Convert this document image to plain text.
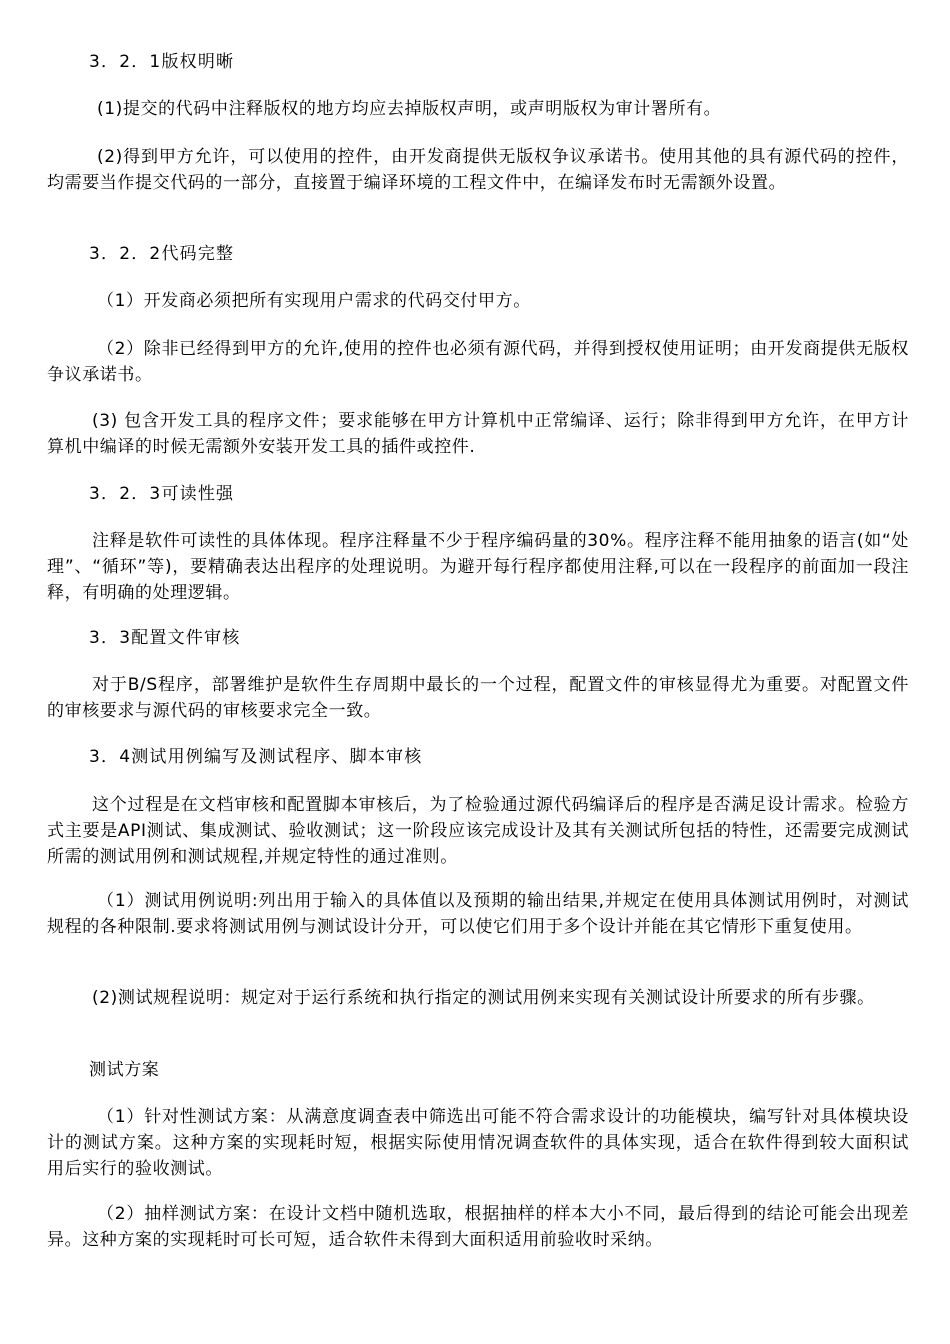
3．2．1版权明晰

(1)提交的代码中注释版权的地方均应去掉版权声明，或声明版权为审计署所有。

(2)得到甲方允许，可以使用的控件，由开发商提供无版权争议承诺书。使用其他的具有源代码的控件，均需要当作提交代码的一部分，直接置于编译环境的工程文件中，在编译发布时无需额外设置。

3．2．2代码完整

（1）开发商必须把所有实现用户需求的代码交付甲方。

（2）除非已经得到甲方的允许,使用的控件也必须有源代码，并得到授权使用证明；由开发商提供无版权争议承诺书。

(3) 包含开发工具的程序文件；要求能够在甲方计算机中正常编译、运行；除非得到甲方允许，在甲方计算机中编译的时候无需额外安装开发工具的插件或控件.

3．2．3可读性强

注释是软件可读性的具体体现。程序注释量不少于程序编码量的30%。程序注释不能用抽象的语言(如“处理”、“循环”等)，要精确表达出程序的处理说明。为避开每行程序都使用注释,可以在一段程序的前面加一段注释，有明确的处理逻辑。

3．3配置文件审核

对于B/S程序，部署维护是软件生存周期中最长的一个过程，配置文件的审核显得尤为重要。对配置文件的审核要求与源代码的审核要求完全一致。

3．4测试用例编写及测试程序、脚本审核

这个过程是在文档审核和配置脚本审核后，为了检验通过源代码编译后的程序是否满足设计需求。检验方式主要是API测试、集成测试、验收测试；这一阶段应该完成设计及其有关测试所包括的特性，还需要完成测试所需的测试用例和测试规程,并规定特性的通过准则。

（1）测试用例说明:列出用于输入的具体值以及预期的输出结果,并规定在使用具体测试用例时，对测试规程的各种限制.要求将测试用例与测试设计分开，可以使它们用于多个设计并能在其它情形下重复使用。

(2)测试规程说明：规定对于运行系统和执行指定的测试用例来实现有关测试设计所要求的所有步骤。

测试方案

（1）针对性测试方案：从满意度调查表中筛选出可能不符合需求设计的功能模块，编写针对具体模块设计的测试方案。这种方案的实现耗时短，根据实际使用情况调查软件的具体实现，适合在软件得到较大面积试用后实行的验收测试。

（2）抽样测试方案：在设计文档中随机选取，根据抽样的样本大小不同，最后得到的结论可能会出现差异。这种方案的实现耗时可长可短，适合软件未得到大面积适用前验收时采纳。
